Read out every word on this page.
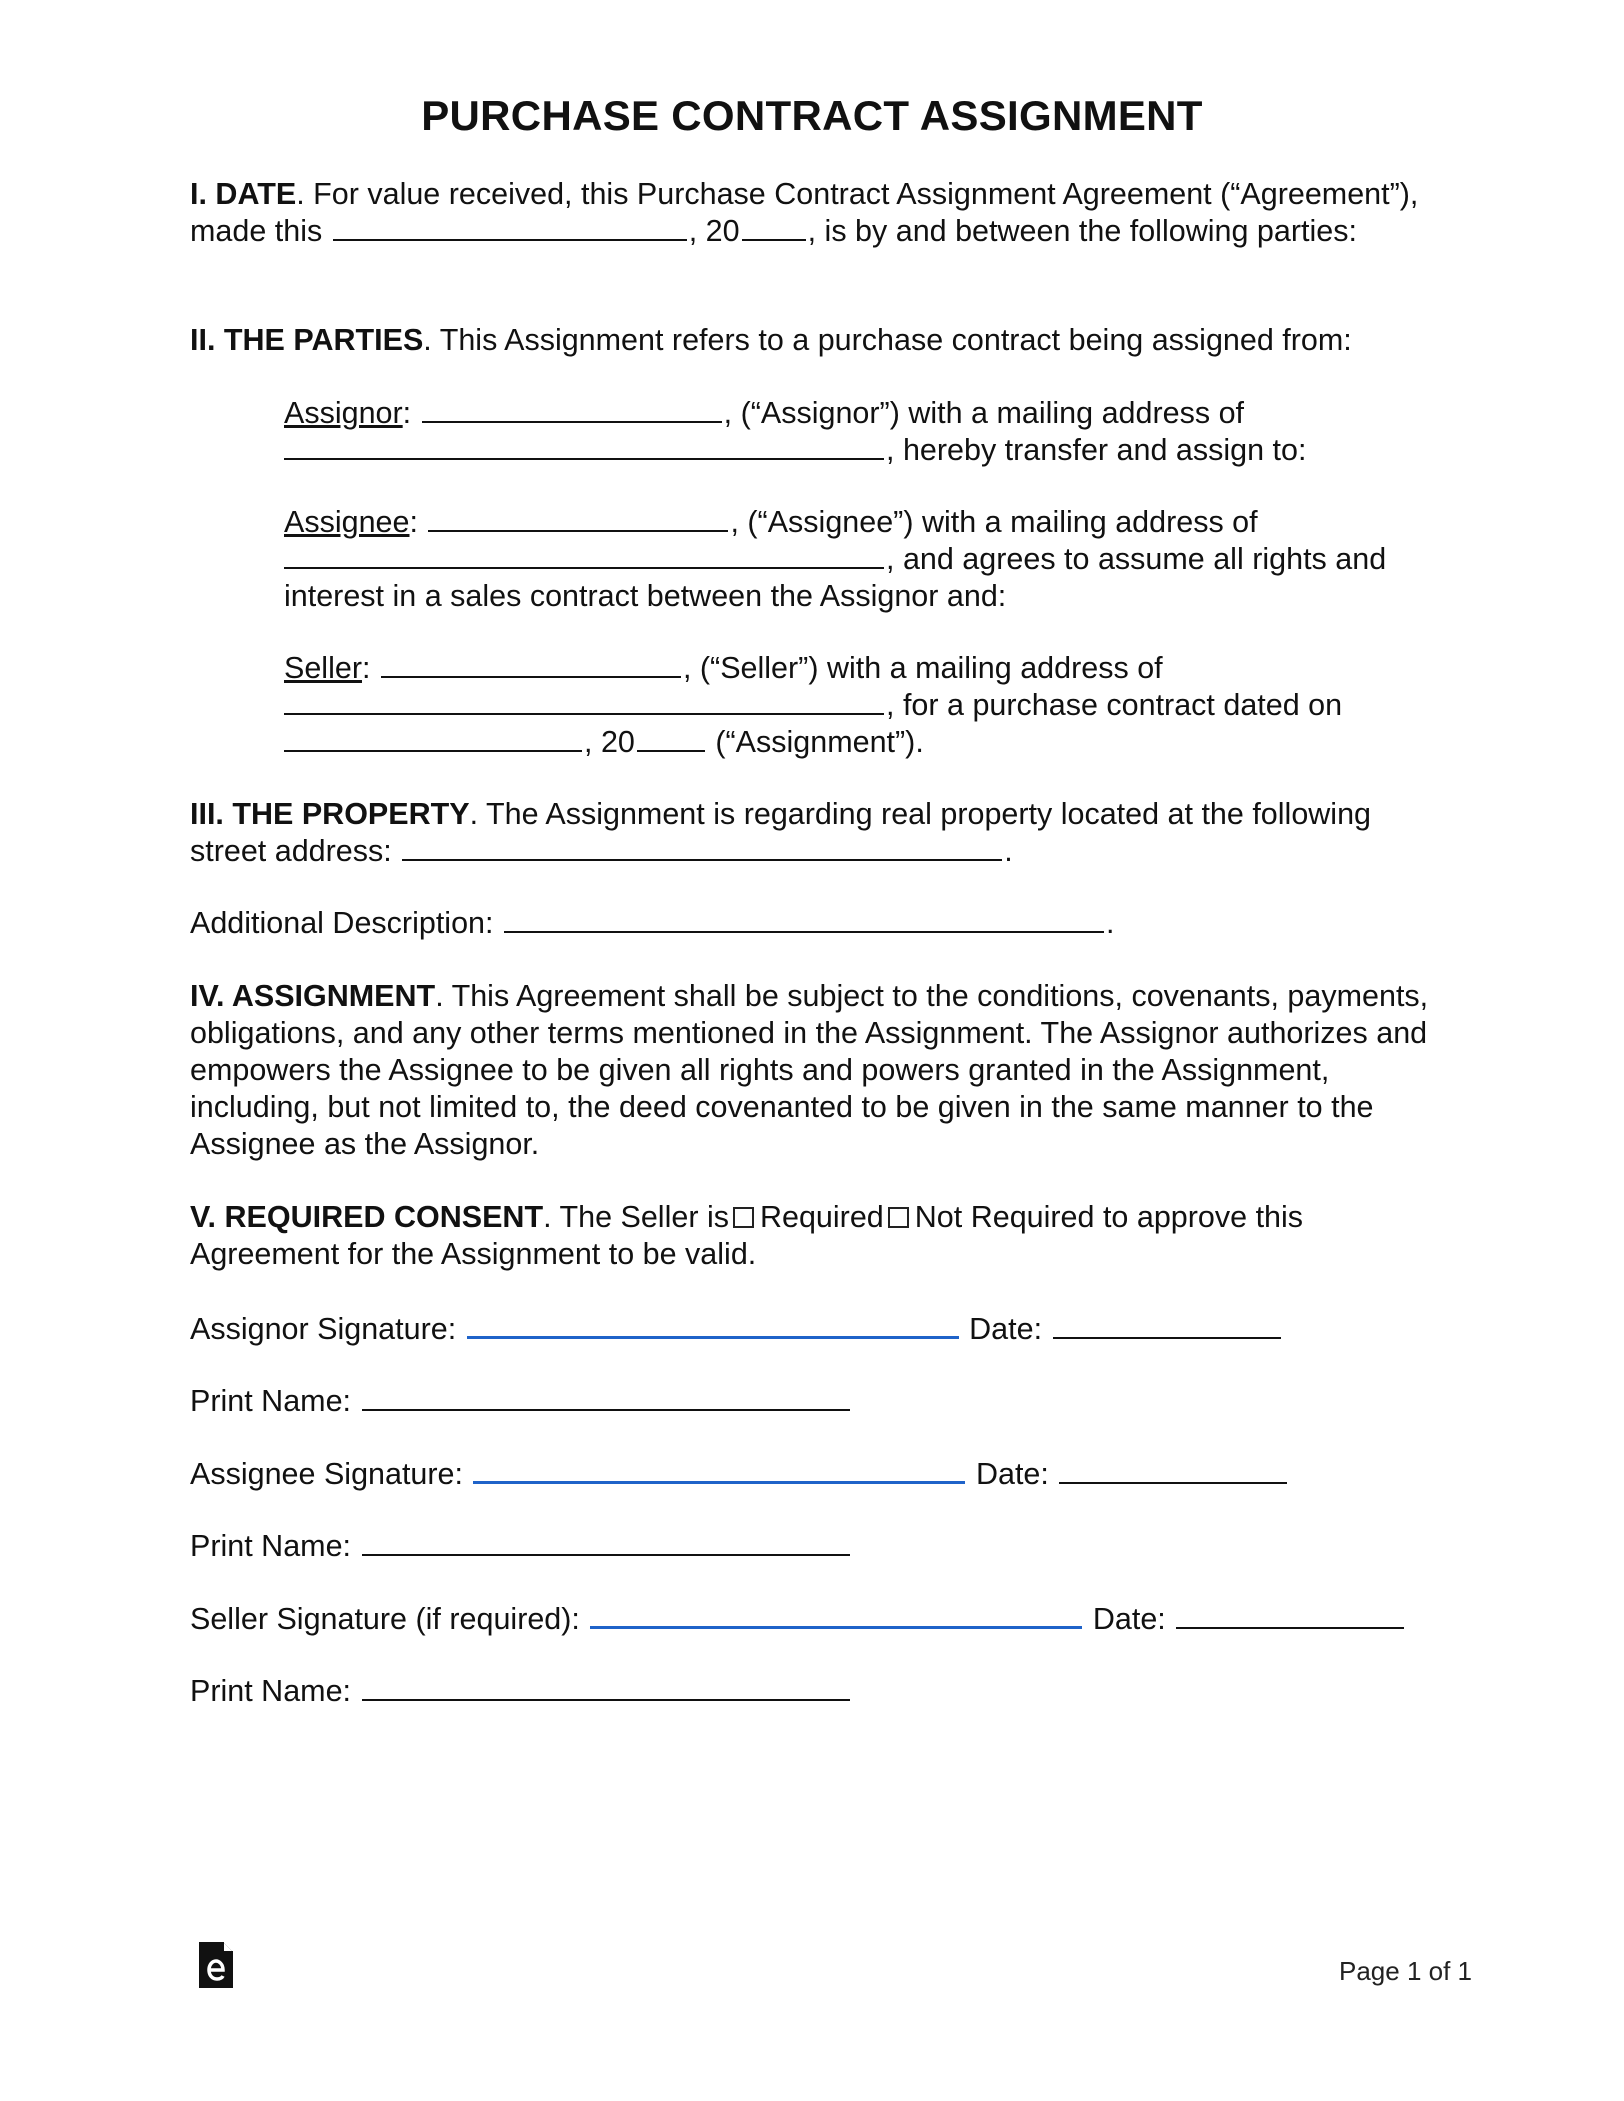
PURCHASE CONTRACT ASSIGNMENT
I. DATE. For value received, this Purchase Contract Assignment Agreement (“Agreement”), made this	, 20 , is by and between the following parties:
II. THE PARTIES. This Assignment refers to a purchase contract being assigned from:
Assignor:	, (“Assignor”) with a mailing address of
, hereby transfer and assign to:
Assignee:	, (“Assignee”) with a mailing address of
, and agrees to assume all rights and interest in a sales contract between the Assignor and:
Seller:	, (“Seller”) with a mailing address of
, for a purchase contract dated on
, 20 (“Assignment”).
III. THE PROPERTY. The Assignment is regarding real property located at the following street address:	.
Additional Description:	.
IV. ASSIGNMENT. This Agreement shall be subject to the conditions, covenants, payments, obligations, and any other terms mentioned in the Assignment. The Assignor authorizes and empowers the Assignee to be given all rights and powers granted in the Assignment, including, but not limited to, the deed covenanted to be given in the same manner to the Assignee as the Assignor.
V. REQUIRED CONSENT. The Seller is Required Not Required to approve this Agreement for the Assignment to be valid.
Assignor Signature:	Date:
Print Name:
Assignee Signature:	Date:
Print Name:
Seller Signature (if required):	Date:
Print Name:
Page 1 of 1
